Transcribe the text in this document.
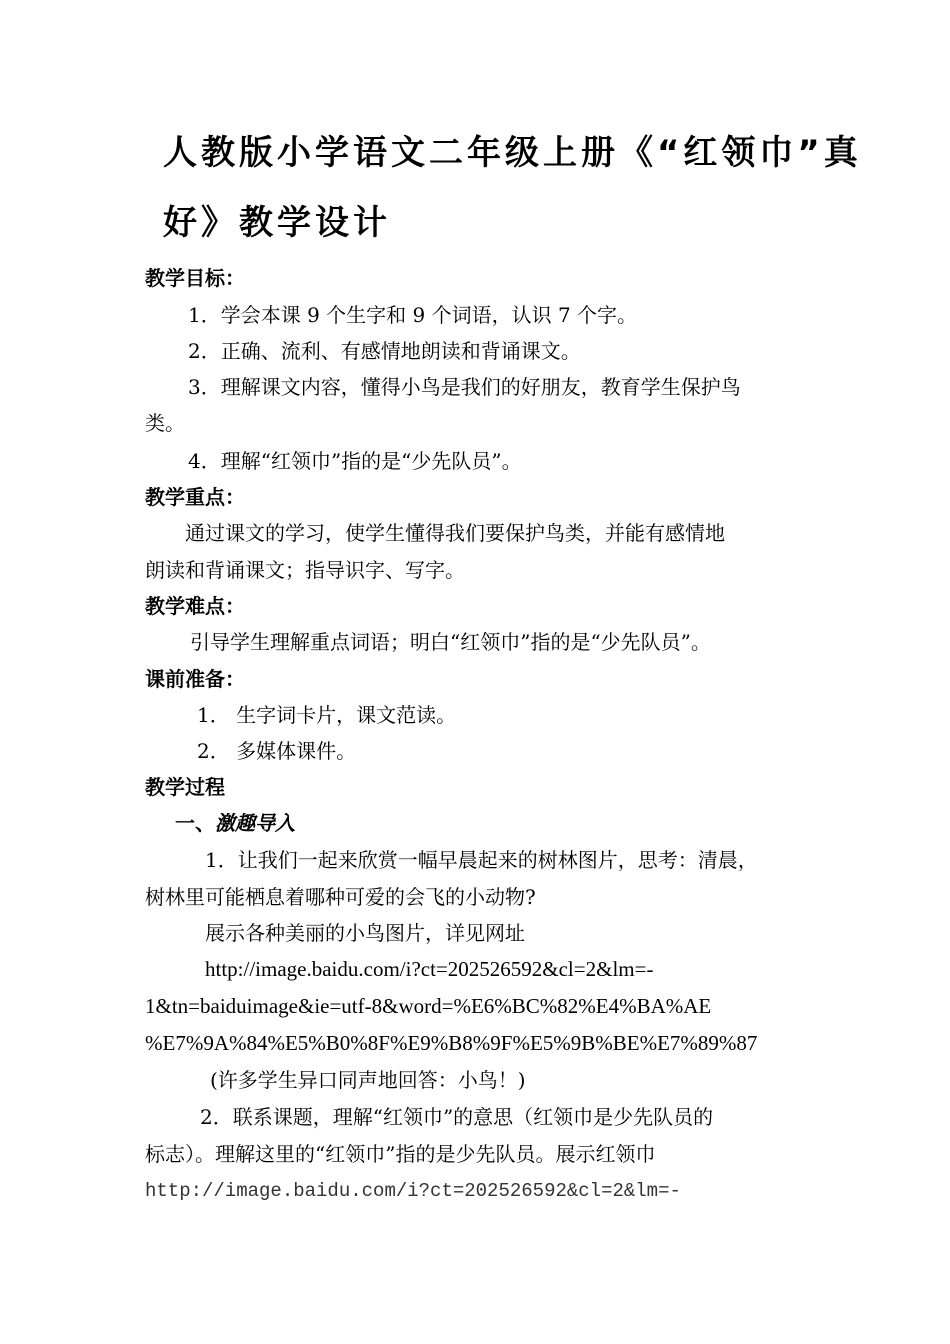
人教版小学语文二年级上册《“红领巾”真
好》教学设计
教学目标：
1．学会本课 9 个生字和 9 个词语，认识 7 个字。
2．正确、流利、有感情地朗读和背诵课文。
3．理解课文内容，懂得小鸟是我们的好朋友，教育学生保护鸟
类。
4．理解“红领巾”指的是“少先队员”。
教学重点：
通过课文的学习，使学生懂得我们要保护鸟类，并能有感情地
朗读和背诵课文；指导识字、写字。
教学难点：
引导学生理解重点词语；明白“红领巾”指的是“少先队员”。
课前准备：
1． 生字词卡片，课文范读。
2． 多媒体课件。
教学过程
一、激趣导入
1．让我们一起来欣赏一幅早晨起来的树林图片，思考：清晨，
树林里可能栖息着哪种可爱的会飞的小动物?
展示各种美丽的小鸟图片，详见网址
http://image.baidu.com/i?ct=202526592&cl=2&lm=-
1&tn=baiduimage&ie=utf-8&word=%E6%BC%82%E4%BA%AE
%E7%9A%84%E5%B0%8F%E9%B8%9F%E5%9B%BE%E7%89%87
(许多学生异口同声地回答：小鸟！)
2．联系课题，理解“红领巾”的意思（红领巾是少先队员的
标志）。理解这里的“红领巾”指的是少先队员。展示红领巾
http://image.baidu.com/i?ct=202526592&cl=2&lm=-
